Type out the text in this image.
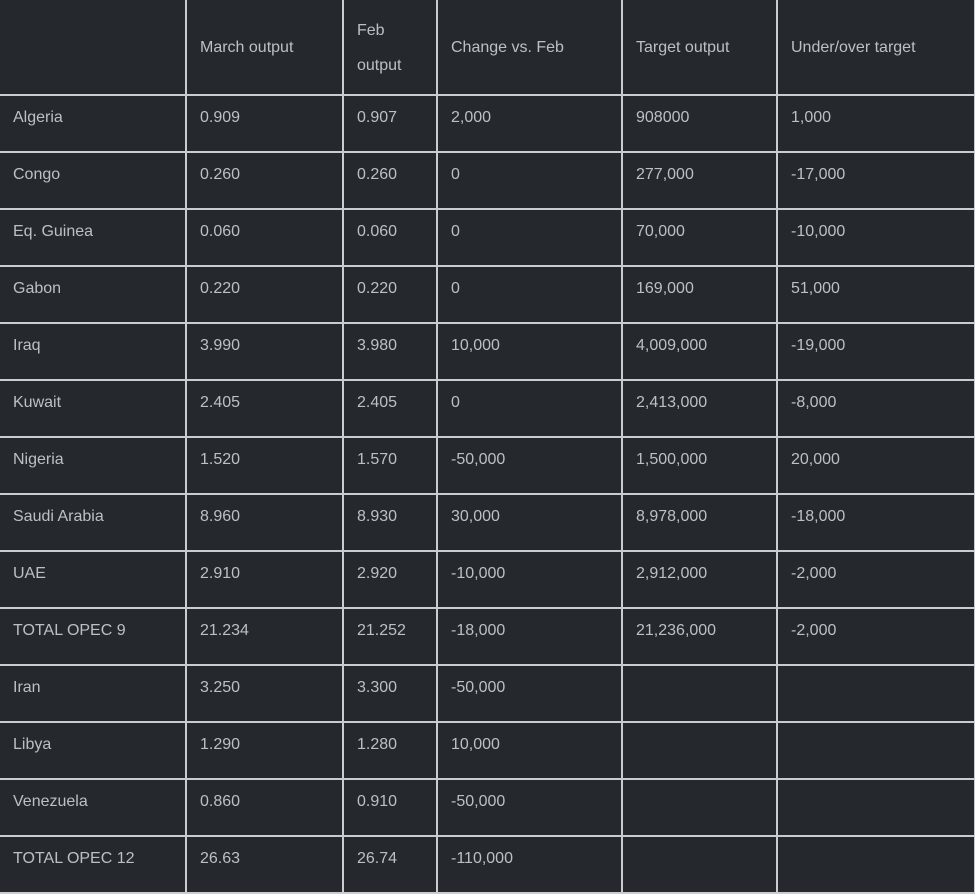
	March output	Feb output	Change vs. Feb	Target output	Under/over target
Algeria	0.909	0.907	2,000	908000	1,000
Congo	0.260	0.260	0	277,000	-17,000
Eq. Guinea	0.060	0.060	0	70,000	-10,000
Gabon	0.220	0.220	0	169,000	51,000
Iraq	3.990	3.980	10,000	4,009,000	-19,000
Kuwait	2.405	2.405	0	2,413,000	-8,000
Nigeria	1.520	1.570	-50,000	1,500,000	20,000
Saudi Arabia	8.960	8.930	30,000	8,978,000	-18,000
UAE	2.910	2.920	-10,000	2,912,000	-2,000
TOTAL OPEC 9	21.234	21.252	-18,000	21,236,000	-2,000
Iran	3.250	3.300	-50,000		
Libya	1.290	1.280	10,000		
Venezuela	0.860	0.910	-50,000		
TOTAL OPEC 12	26.63	26.74	-110,000		
